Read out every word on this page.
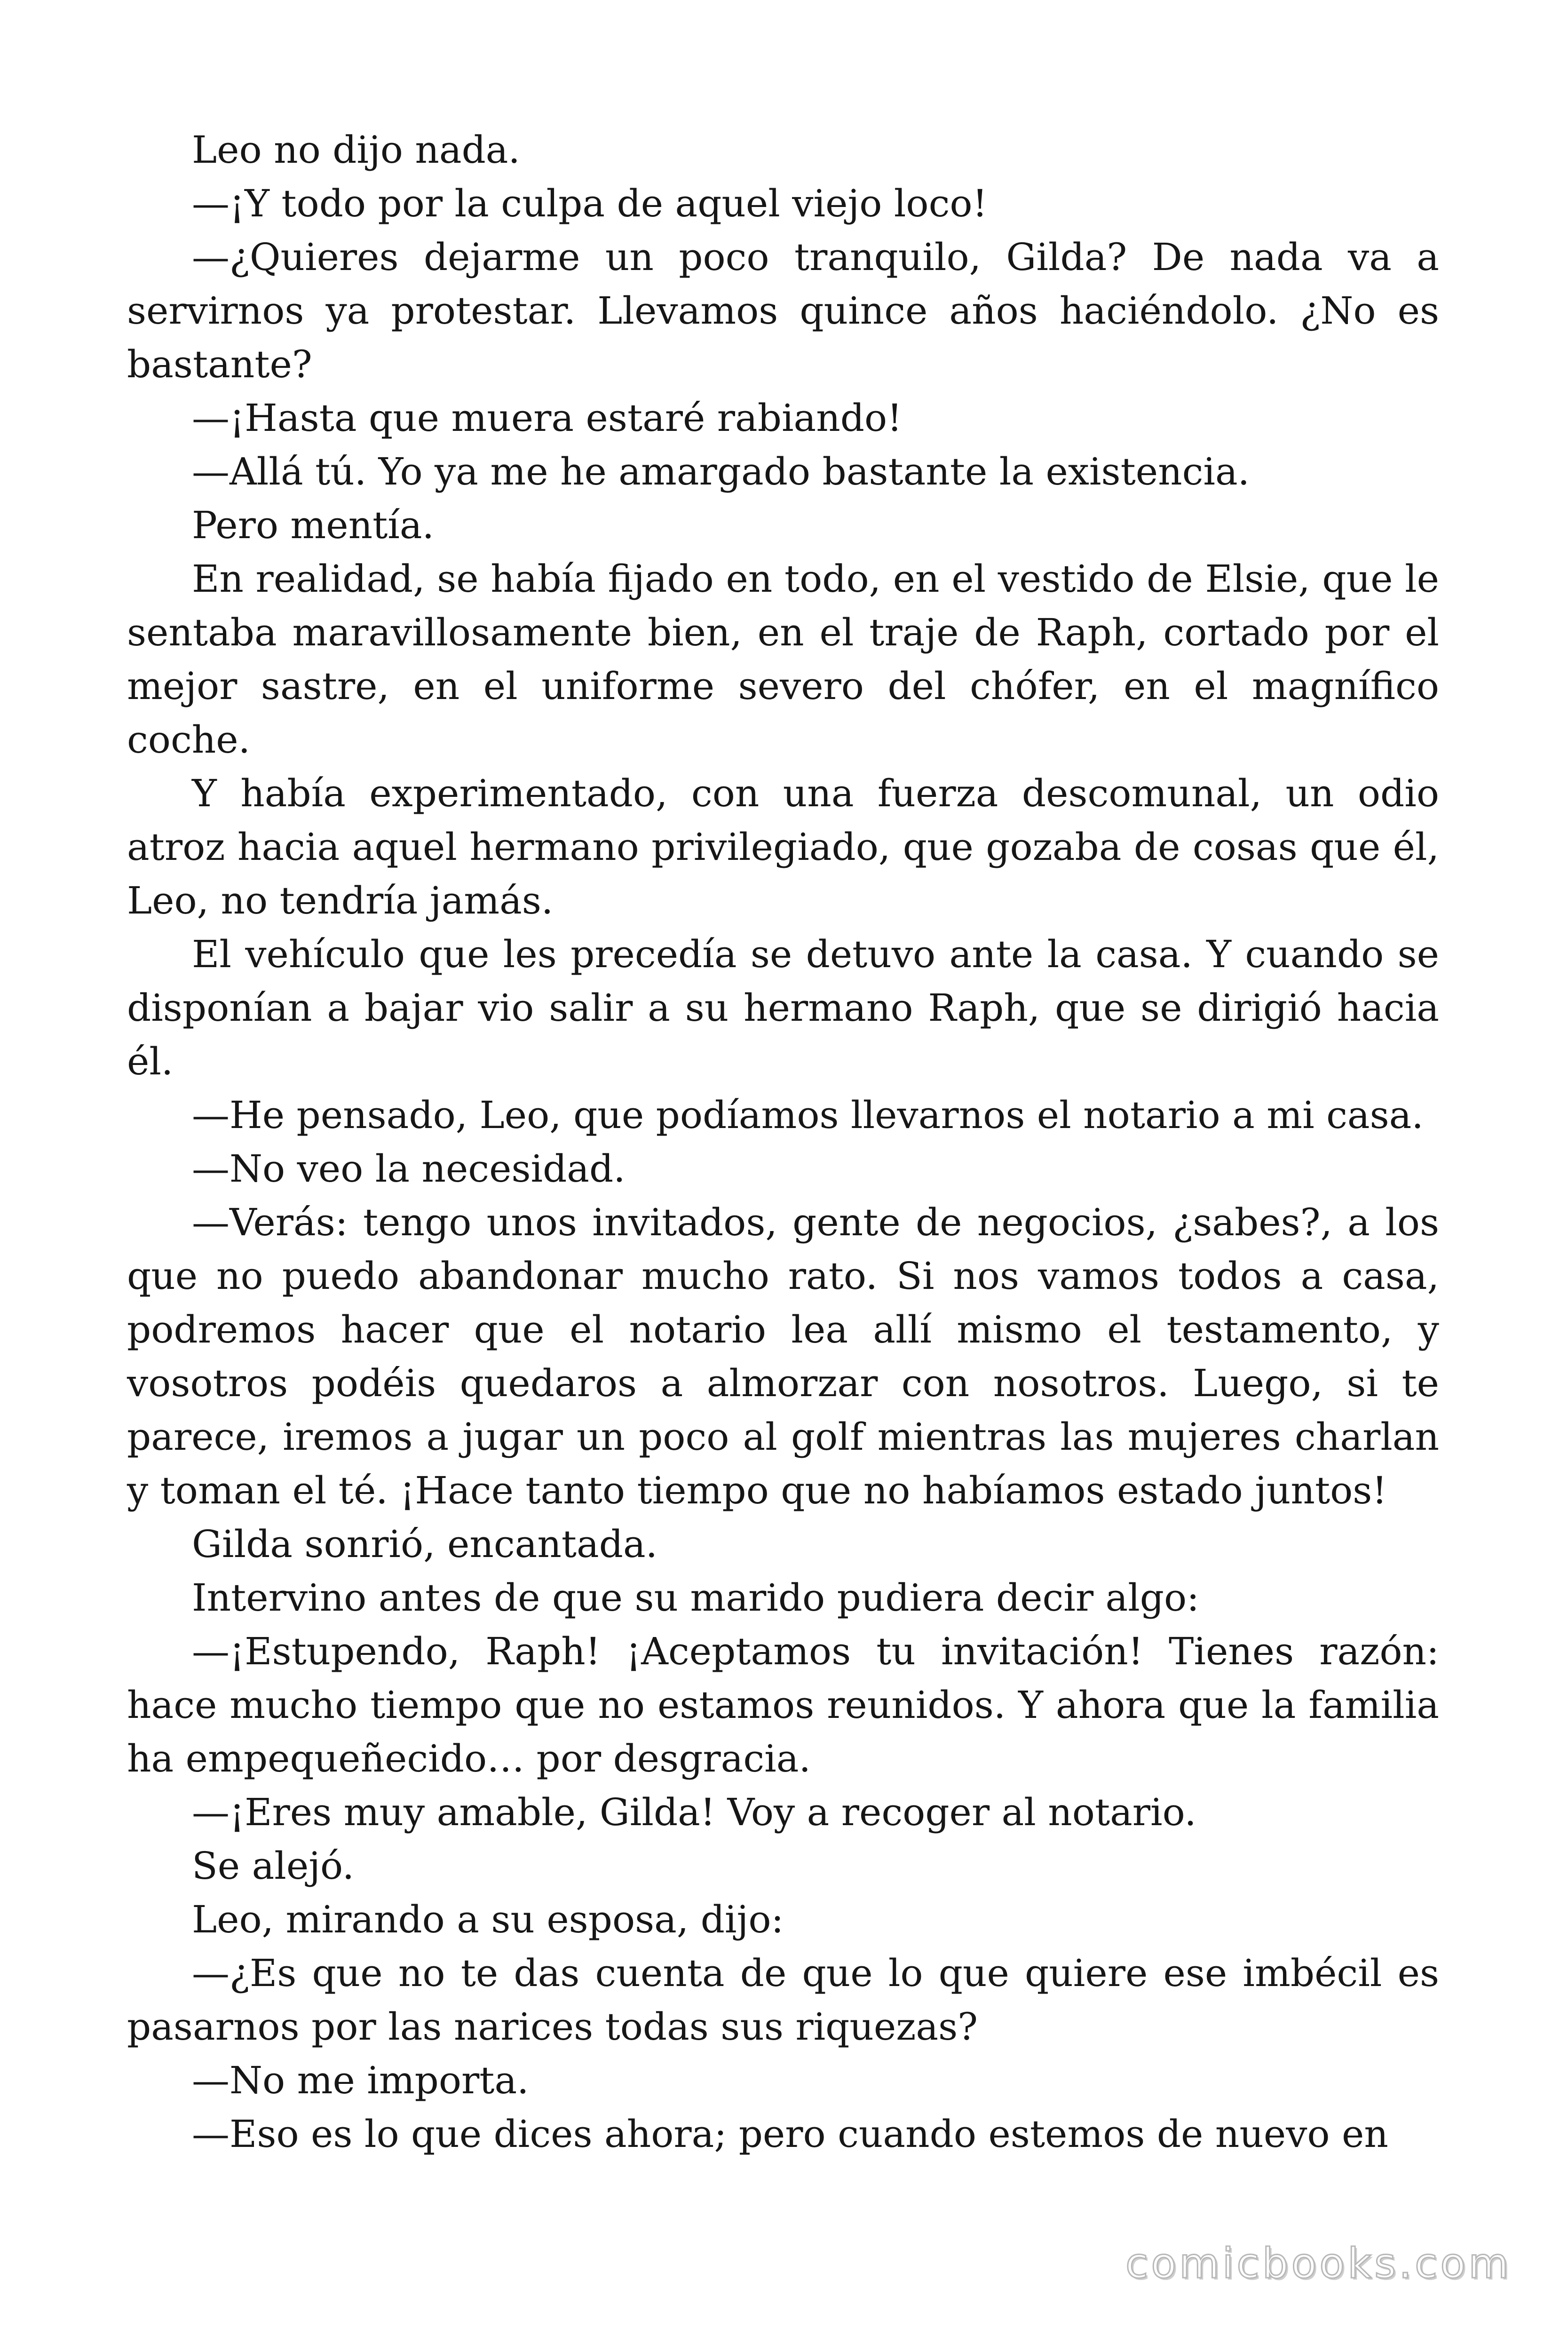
Leo no dijo nada.

—¡Y todo por la culpa de aquel viejo loco!

—¿Quieres dejarme un poco tranquilo, Gilda? De nada va a servirnos ya protestar. Llevamos quince años haciéndolo. ¿No es bastante?

—¡Hasta que muera estaré rabiando!

—Allá tú. Yo ya me he amargado bastante la existencia.

Pero mentía.

En realidad, se había fijado en todo, en el vestido de Elsie, que le sentaba maravillosamente bien, en el traje de Raph, cortado por el mejor sastre, en el uniforme severo del chófer, en el magnífico coche.

Y había experimentado, con una fuerza descomunal, un odio atroz hacia aquel hermano privilegiado, que gozaba de cosas que él, Leo, no tendría jamás.

El vehículo que les precedía se detuvo ante la casa. Y cuando se disponían a bajar vio salir a su hermano Raph, que se dirigió hacia él.

—He pensado, Leo, que podíamos llevarnos el notario a mi casa.

—No veo la necesidad.

—Verás: tengo unos invitados, gente de negocios, ¿sabes?, a los que no puedo abandonar mucho rato. Si nos vamos todos a casa, podremos hacer que el notario lea allí mismo el testamento, y vosotros podéis quedaros a almorzar con nosotros. Luego, si te parece, iremos a jugar un poco al golf mientras las mujeres charlan y toman el té. ¡Hace tanto tiempo que no habíamos estado juntos!

Gilda sonrió, encantada.

Intervino antes de que su marido pudiera decir algo:

—¡Estupendo, Raph! ¡Aceptamos tu invitación! Tienes razón: hace mucho tiempo que no estamos reunidos. Y ahora que la familia ha empequeñecido… por desgracia.

—¡Eres muy amable, Gilda! Voy a recoger al notario.

Se alejó.

Leo, mirando a su esposa, dijo:

—¿Es que no te das cuenta de que lo que quiere ese imbécil es pasarnos por las narices todas sus riquezas?

—No me importa.

—Eso es lo que dices ahora; pero cuando estemos de nuevo en

comicbooks.com
